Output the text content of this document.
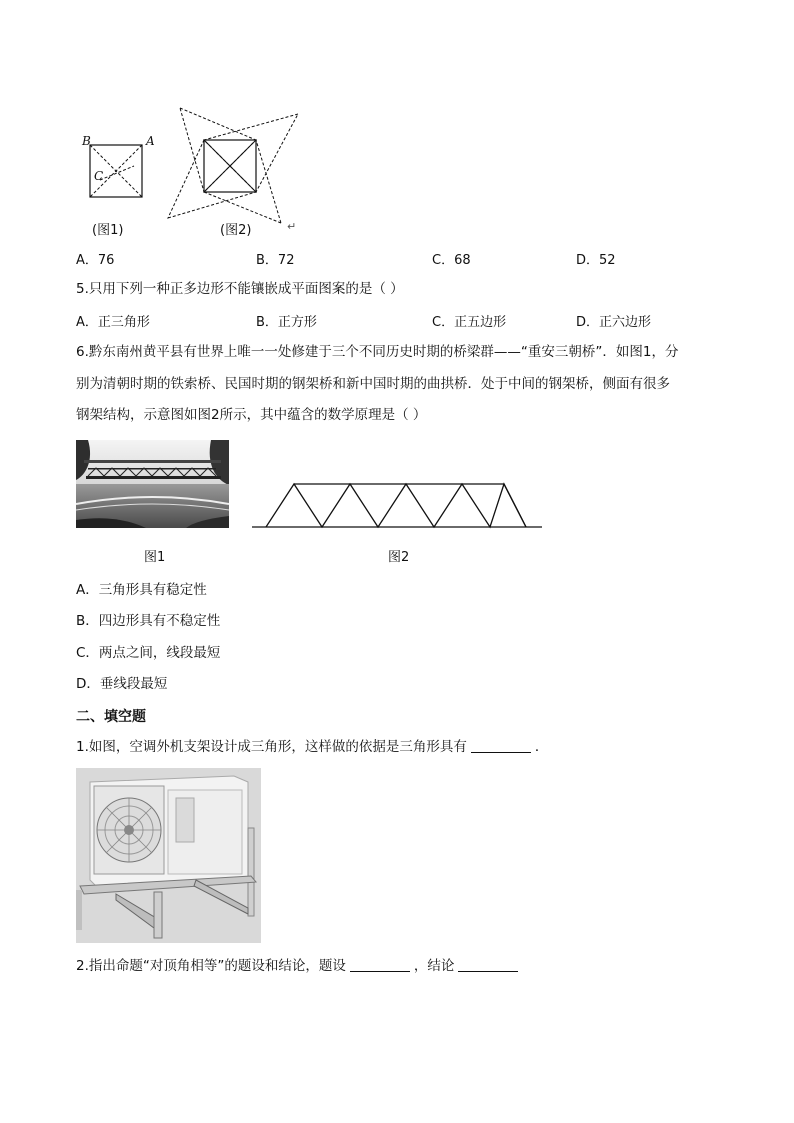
B	A
C
(图1)	(图2)	↵
A．76	B．72	C．68	D．52
5.只用下列一种正多边形不能镶嵌成平面图案的是（ ）
A．正三角形	B．正方形	C．正五边形	D．正六边形
6.黔东南州黄平县有世界上唯一一处修建于三个不同历史时期的桥梁群——“重安三朝桥”．如图1，分
别为清朝时期的铁索桥、民国时期的钢架桥和新中国时期的曲拱桥．处于中间的钢架桥，侧面有很多
钢架结构，示意图如图2所示，其中蕴含的数学原理是（ ）
图1	图2
A．三角形具有稳定性
B．四边形具有不稳定性
C．两点之间，线段最短
D．垂线段最短
二、填空题
1.如图，空调外机支架设计成三角形，这样做的依据是三角形具有	．
2.指出命题“对顶角相等”的题设和结论，题设	，结论
